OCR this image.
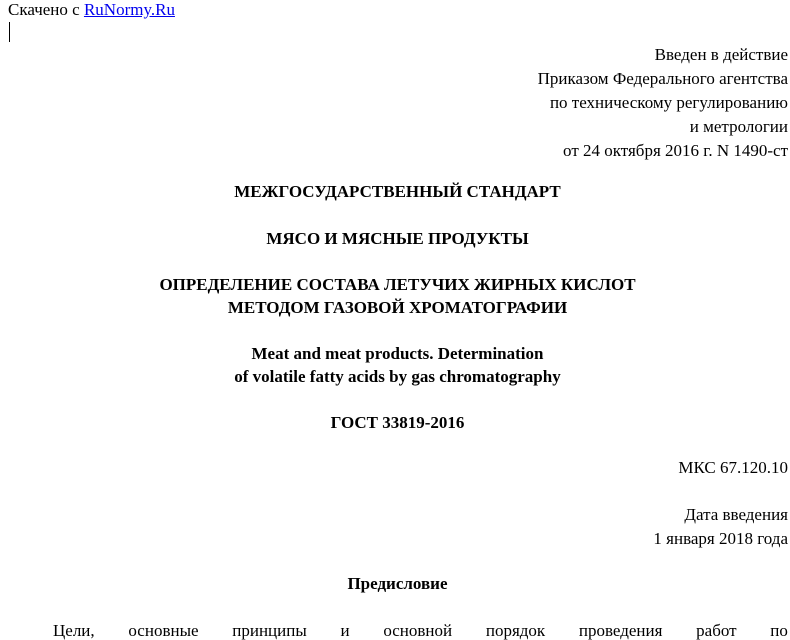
Скачено с RuNormy.Ru
Введен в действие
Приказом Федерального агентства
по техническому регулированию
и метрологии
от 24 октября 2016 г. N 1490-ст
МЕЖГОСУДАРСТВЕННЫЙ СТАНДАРТ
МЯСО И МЯСНЫЕ ПРОДУКТЫ
ОПРЕДЕЛЕНИЕ СОСТАВА ЛЕТУЧИХ ЖИРНЫХ КИСЛОТ
МЕТОДОМ ГАЗОВОЙ ХРОМАТОГРАФИИ
Meat and meat products. Determination
of volatile fatty acids by gas chromatography
ГОСТ 33819-2016
МКС 67.120.10
Дата введения
1 января 2018 года
Предисловие
Цели, основные принципы и основной порядок проведения работ по
